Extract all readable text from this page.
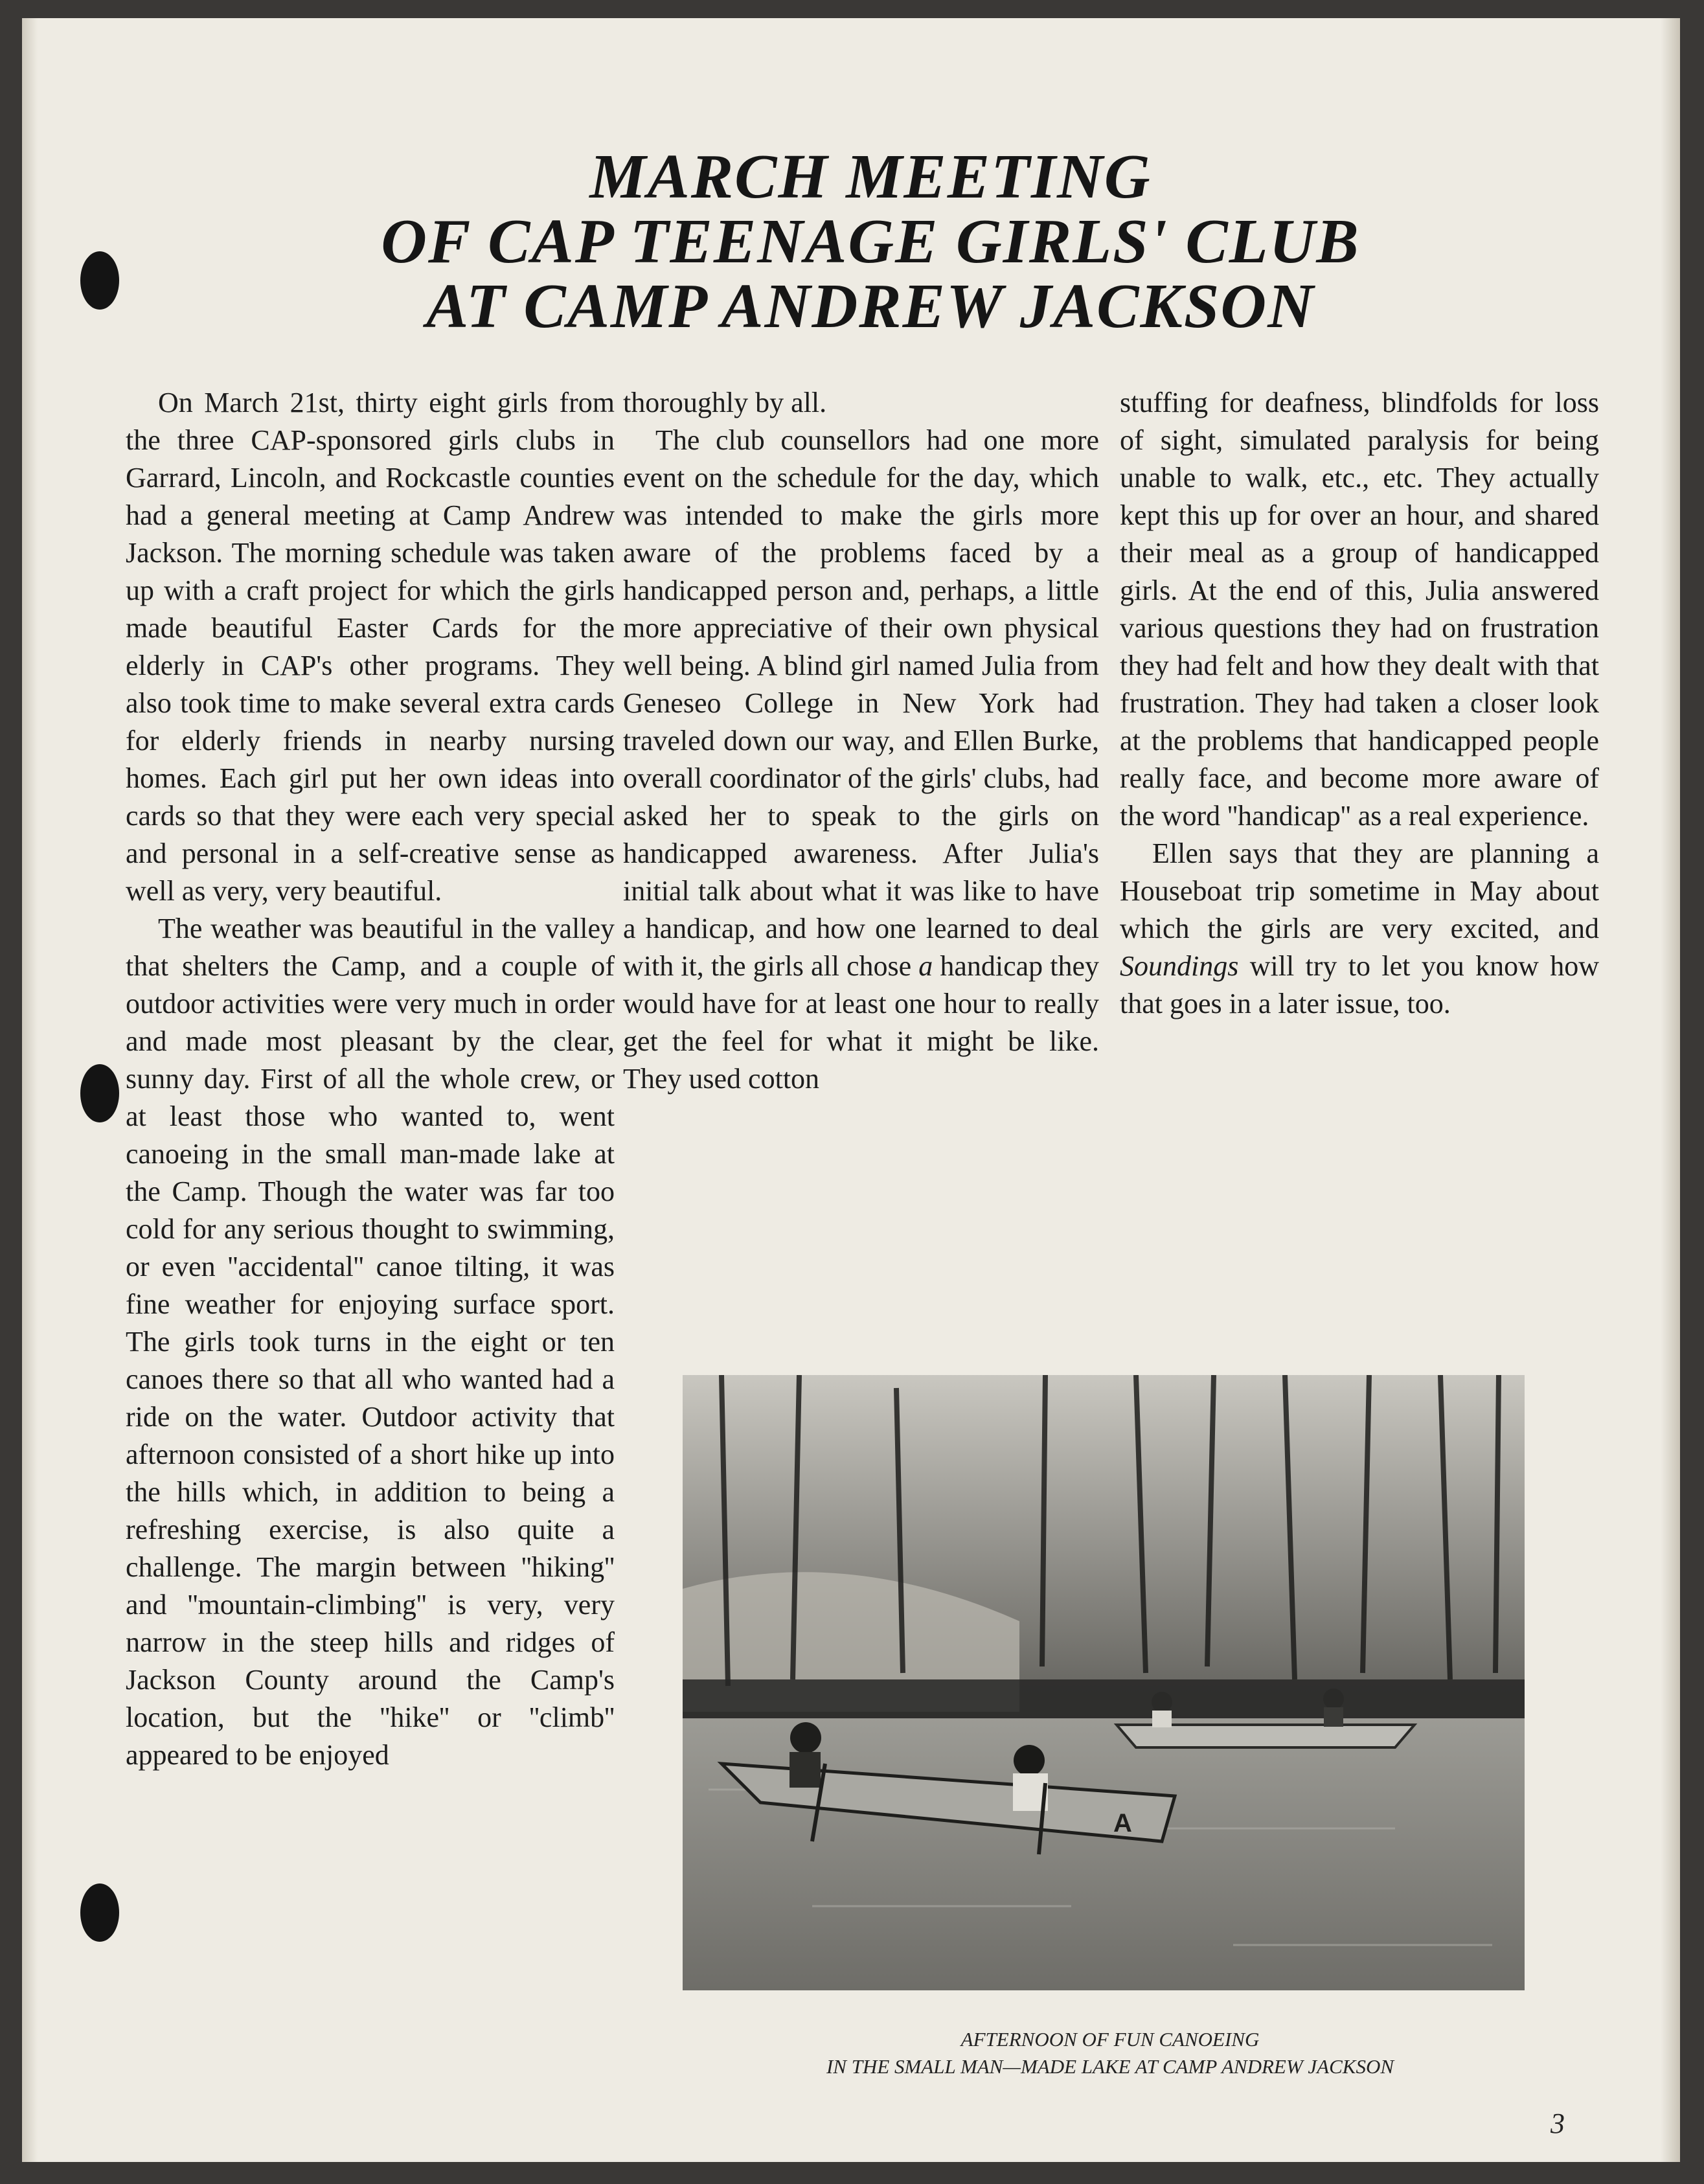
MARCH MEETING
OF CAP TEENAGE GIRLS' CLUB
AT CAMP ANDREW JACKSON

On March 21st, thirty eight girls from the three CAP-sponsored girls clubs in Garrard, Lincoln, and Rockcastle counties had a general meeting at Camp Andrew Jackson. The morning schedule was taken up with a craft project for which the girls made beautiful Easter Cards for the elderly in CAP's other programs. They also took time to make several extra cards for elderly friends in nearby nursing homes. Each girl put her own ideas into cards so that they were each very special and personal in a self-creative sense as well as very, very beautiful.

The weather was beautiful in the valley that shelters the Camp, and a couple of outdoor activities were very much in order and made most pleasant by the clear, sunny day. First of all the whole crew, or at least those who wanted to, went canoeing in the small man-made lake at the Camp. Though the water was far too cold for any serious thought to swimming, or even ''accidental'' canoe tilting, it was fine weather for enjoying surface sport. The girls took turns in the eight or ten canoes there so that all who wanted had a ride on the water. Outdoor activity that afternoon consisted of a short hike up into the hills which, in addition to being a refreshing exercise, is also quite a challenge. The margin between ''hiking'' and ''mountain-climbing'' is very, very narrow in the steep hills and ridges of Jackson County around the Camp's location, but the ''hike'' or ''climb'' appeared to be enjoyed

thoroughly by all.

The club counsellors had one more event on the schedule for the day, which was intended to make the girls more aware of the problems faced by a handicapped person and, perhaps, a little more appreciative of their own physical well being. A blind girl named Julia from Geneseo College in New York had traveled down our way, and Ellen Burke, overall coordinator of the girls' clubs, had asked her to speak to the girls on handicapped awareness. After Julia's initial talk about what it was like to have a handicap, and how one learned to deal with it, the girls all chose a handicap they would have for at least one hour to really get the feel for what it might be like. They used cotton

stuffing for deafness, blindfolds for loss of sight, simulated paralysis for being unable to walk, etc., etc. They actually kept this up for over an hour, and shared their meal as a group of handicapped girls. At the end of this, Julia answered various questions they had on frustration they had felt and how they dealt with that frustration. They had taken a closer look at the problems that handicapped people really face, and become more aware of the word ''handicap'' as a real experience.

Ellen says that they are planning a Houseboat trip sometime in May about which the girls are very excited, and Soundings will try to let you know how that goes in a later issue, too.

A

AFTERNOON OF FUN CANOEING
IN THE SMALL MAN—MADE LAKE AT CAMP ANDREW JACKSON

3
